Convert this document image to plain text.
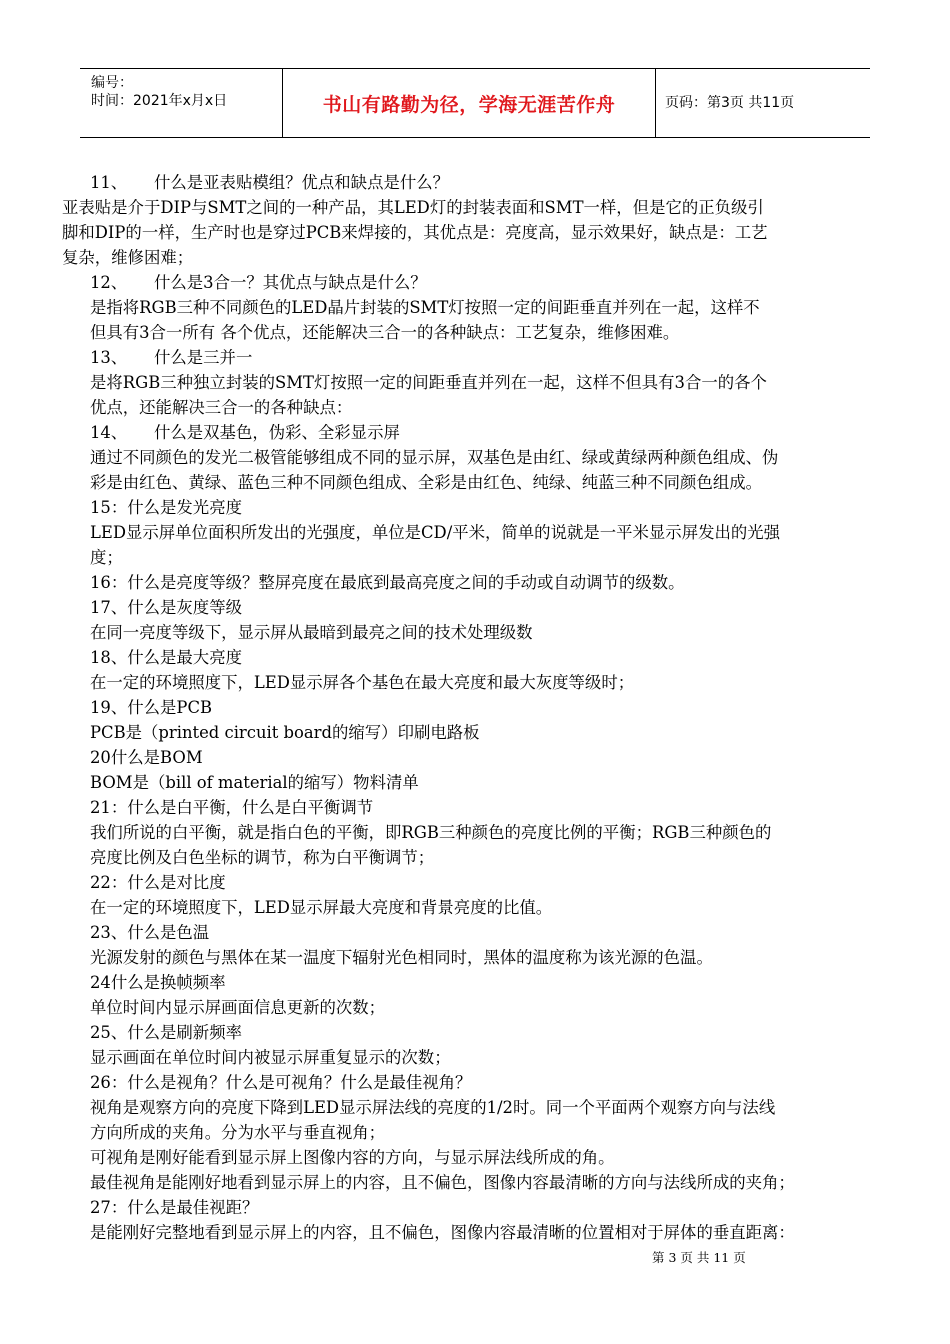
编号：
时间：2021年x月x日	书山有路勤为径，学海无涯苦作舟	页码：第3页 共11页
11、 什么是亚表贴模组？优点和缺点是什么？
亚表贴是介于DIP与SMT之间的一种产品，其LED灯的封装表面和SMT一样，但是它的正负级引
脚和DIP的一样，生产时也是穿过PCB来焊接的，其优点是：亮度高，显示效果好，缺点是：工艺
复杂，维修困难；
12、 什么是3合一？其优点与缺点是什么？
是指将RGB三种不同颜色的LED晶片封装的SMT灯按照一定的间距垂直并列在一起，这样不
但具有3合一所有 各个优点，还能解决三合一的各种缺点：工艺复杂，维修困难。
13、 什么是三并一
是将RGB三种独立封装的SMT灯按照一定的间距垂直并列在一起，这样不但具有3合一的各个
优点，还能解决三合一的各种缺点：
14、 什么是双基色，伪彩、全彩显示屏
通过不同颜色的发光二极管能够组成不同的显示屏，双基色是由红、绿或黄绿两种颜色组成、伪
彩是由红色、黄绿、蓝色三种不同颜色组成、全彩是由红色、纯绿、纯蓝三种不同颜色组成。
15：什么是发光亮度
LED显示屏单位面积所发出的光强度，单位是CD/平米，简单的说就是一平米显示屏发出的光强
度；
16：什么是亮度等级？整屏亮度在最底到最高亮度之间的手动或自动调节的级数。
17、什么是灰度等级
在同一亮度等级下，显示屏从最暗到最亮之间的技术处理级数
18、什么是最大亮度
在一定的环境照度下，LED显示屏各个基色在最大亮度和最大灰度等级时；
19、什么是PCB
PCB是（printed circuit board的缩写）印刷电路板
20什么是BOM
BOM是（bill of material的缩写）物料清单
21：什么是白平衡，什么是白平衡调节
我们所说的白平衡，就是指白色的平衡，即RGB三种颜色的亮度比例的平衡；RGB三种颜色的
亮度比例及白色坐标的调节，称为白平衡调节；
22：什么是对比度
在一定的环境照度下，LED显示屏最大亮度和背景亮度的比值。
23、什么是色温
光源发射的颜色与黑体在某一温度下辐射光色相同时，黑体的温度称为该光源的色温。
24什么是换帧频率
单位时间内显示屏画面信息更新的次数；
25、什么是刷新频率
显示画面在单位时间内被显示屏重复显示的次数；
26：什么是视角？什么是可视角？什么是最佳视角？
视角是观察方向的亮度下降到LED显示屏法线的亮度的1/2时。同一个平面两个观察方向与法线
方向所成的夹角。分为水平与垂直视角；
可视角是刚好能看到显示屏上图像内容的方向，与显示屏法线所成的角。
最佳视角是能刚好地看到显示屏上的内容，且不偏色，图像内容最清晰的方向与法线所成的夹角；
27：什么是最佳视距？
是能刚好完整地看到显示屏上的内容，且不偏色，图像内容最清晰的位置相对于屏体的垂直距离：
第 3 页 共 11 页
